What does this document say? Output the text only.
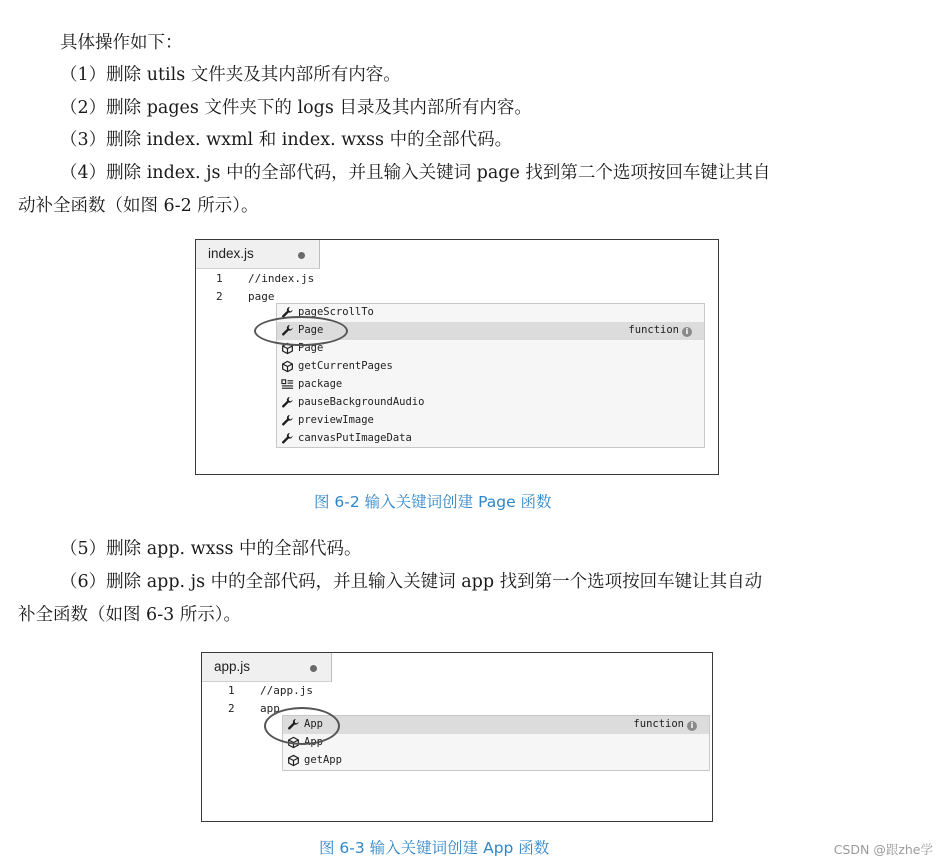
具体操作如下：
（1）删除 utils 文件夹及其内部所有内容。
（2）删除 pages 文件夹下的 logs 目录及其内部所有内容。
（3）删除 index. wxml 和 index. wxss 中的全部代码。
（4）删除 index. js 中的全部代码，并且输入关键词 page 找到第二个选项按回车键让其自
动补全函数（如图 6-2 所示）。
index.js
1
2
//index.js
page
pageScrollTo
Page	function i
Page
getCurrentPages
package
pauseBackgroundAudio
previewImage
canvasPutImageData
图 6-2 输入关键词创建 Page 函数
（5）删除 app. wxss 中的全部代码。
（6）删除 app. js 中的全部代码，并且输入关键词 app 找到第一个选项按回车键让其自动
补全函数（如图 6-3 所示）。
app.js
1
2
//app.js
app
App	function i
App
getApp
图 6-3 输入关键词创建 App 函数	CSDN @跟zhe学
